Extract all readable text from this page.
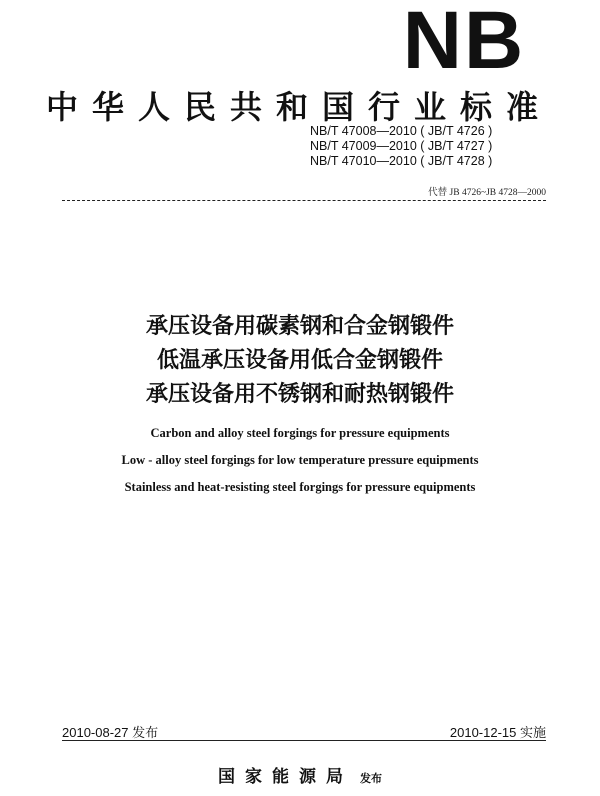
NB
中华人民共和国行业标准
NB/T 47008—2010 ( JB/T 4726 )
NB/T 47009—2010 ( JB/T 4727 )
NB/T 47010—2010 ( JB/T 4728 )
代替 JB 4726~JB 4728—2000
承压设备用碳素钢和合金钢锻件
低温承压设备用低合金钢锻件
承压设备用不锈钢和耐热钢锻件
Carbon and alloy steel forgings for pressure equipments
Low - alloy steel forgings for low temperature pressure equipments
Stainless and heat-resisting steel forgings for pressure equipments
2010-08-27 发布	2010-12-15 实施
国家能源局 发布
